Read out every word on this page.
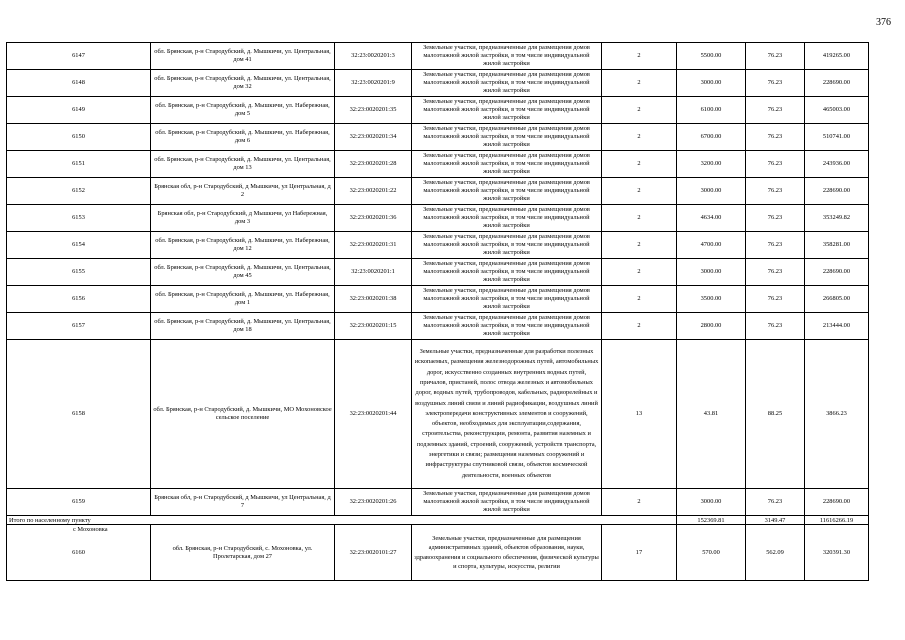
376
6147	обл. Брянская, р-н Стародубский, д. Мышкичи, ул. Центральная, дом 41	32:23:0020201:3	Земельные участки, предназначенные для размещения домов малоэтажной жилой застройки, в том числе индивидуальной жилой застройки	2	5500.00	76.23	419265.00
6148	обл. Брянская, р-н Стародубский, д. Мышкичи, ул. Центральная, дом 32	32:23:0020201:9	Земельные участки, предназначенные для размещения домов малоэтажной жилой застройки, в том числе индивидуальной жилой застройки	2	3000.00	76.23	228690.00
6149	обл. Брянская, р-н Стародубский, д. Мышкичи, ул. Набережная, дом 5	32:23:0020201:35	Земельные участки, предназначенные для размещения домов малоэтажной жилой застройки, в том числе индивидуальной жилой застройки	2	6100.00	76.23	465003.00
6150	обл. Брянская, р-н Стародубский, д. Мышкичи, ул. Набережная, дом 6	32:23:0020201:34	Земельные участки, предназначенные для размещения домов малоэтажной жилой застройки, в том числе индивидуальной жилой застройки	2	6700.00	76.23	510741.00
6151	обл. Брянская, р-н Стародубский, д. Мышкичи, ул. Центральная, дом 13	32:23:0020201:28	Земельные участки, предназначенные для размещения домов малоэтажной жилой застройки, в том числе индивидуальной жилой застройки	2	3200.00	76.23	243936.00
6152	Брянская обл, р-н Стародубский, д Мышкичи, ул Центральная, д 2	32:23:0020201:22	Земельные участки, предназначенные для размещения домов малоэтажной жилой застройки, в том числе индивидуальной жилой застройки	2	3000.00	76.23	228690.00
6153	Брянская обл, р-н Стародубский, д Мышкичи, ул Набережная, дом 3	32:23:0020201:36	Земельные участки, предназначенные для размещения домов малоэтажной жилой застройки, в том числе индивидуальной жилой застройки	2	4634.00	76.23	353249.82
6154	обл. Брянская, р-н Стародубский, д. Мышкичи, ул. Набережная, дом 12	32:23:0020201:31	Земельные участки, предназначенные для размещения домов малоэтажной жилой застройки, в том числе индивидуальной жилой застройки	2	4700.00	76.23	358281.00
6155	обл. Брянская, р-н Стародубский, д. Мышкичи, ул. Центральная, дом 45	32:23:0020201:1	Земельные участки, предназначенные для размещения домов малоэтажной жилой застройки, в том числе индивидуальной жилой застройки	2	3000.00	76.23	228690.00
6156	обл. Брянская, р-н Стародубский, д. Мышкичи, ул. Набережная, дом 1	32:23:0020201:38	Земельные участки, предназначенные для размещения домов малоэтажной жилой застройки, в том числе индивидуальной жилой застройки	2	3500.00	76.23	266805.00
6157	обл. Брянская, р-н Стародубский, д. Мышкичи, ул. Центральная, дом 18	32:23:0020201:15	Земельные участки, предназначенные для размещения домов малоэтажной жилой застройки, в том числе индивидуальной жилой застройки	2	2800.00	76.23	213444.00
6158	обл. Брянская, р-н Стародубский, д. Мышкичи, МО Мохоновское сельское поселение	32:23:0020201:44	Земельные участки, предназначенные для разработки полезных ископаемых, размещения железнодорожных путей, автомобильных дорог, искусственно созданных внутренних водных путей, причалов, пристаней, полос отвода железных и автомобильных дорог, водных путей, трубопроводов, кабельных, радиорелейных и воздушных линий связи и линий радиофикации, воздушных линий электропередачи конструктивных элементов и сооружений, объектов, необходимых для эксплуатации,содержания, строительства, реконструкции, ремонта, развития наземных и подземных зданий, строений, сооружений, устройств транспорта, энергетики и связи; размещения наземных сооружений и инфраструктуры спутниковой связи, объектов космической деятельности, военных объектов	13	43.81	88.25	3866.23
6159	Брянская обл, р-н Стародубский, д Мышкичи, ул Центральная, д 7	32:23:0020201:26	Земельные участки, предназначенные для размещения домов малоэтажной жилой застройки, в том числе индивидуальной жилой застройки	2	3000.00	76.23	228690.00
Итого по населенному пункту					152369.81	3149.47	11616266.19

с Мохоновка
6160	обл. Брянская, р-н Стародубский, с. Мохоновка, ул. Пролетарская, дом 27	32:23:0020101:27	Земельные участки, предназначенные для размещения административных зданий, объектов образования, науки, здравоохранения и социального обеспечения, физической культуры и спорта, культуры, искусства, религии	17	570.00	562.09	320391.30
